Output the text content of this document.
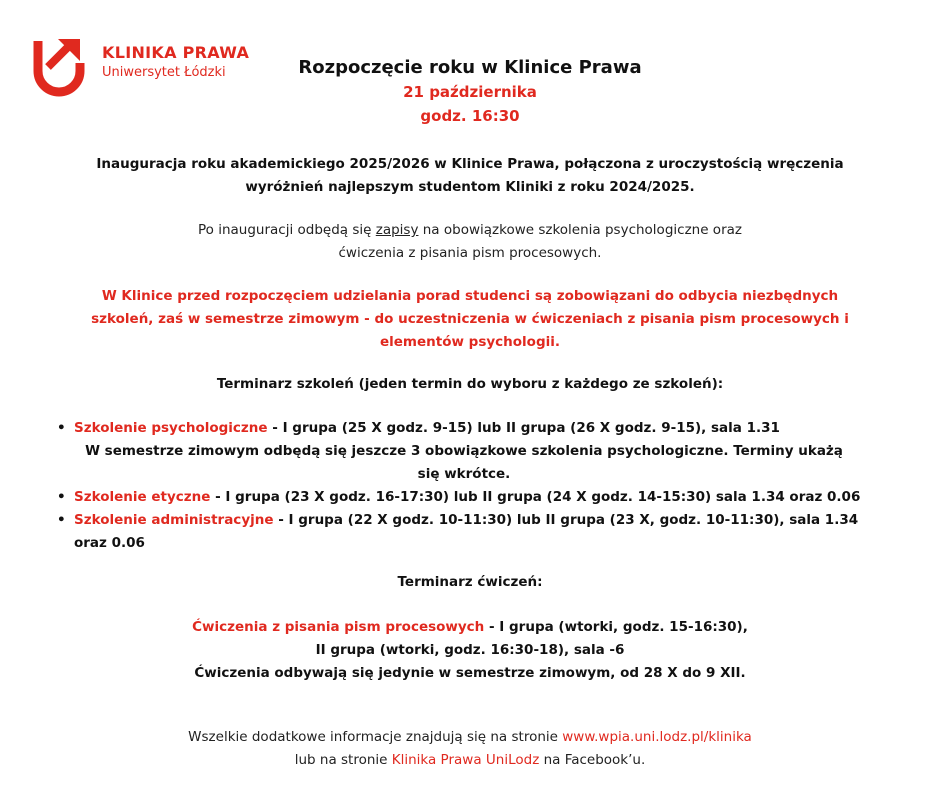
KLINIKA PRAWA
Uniwersytet Łódzki	Rozpoczęcie roku w Klinice Prawa
21 października
godz. 16:30
Inauguracja roku akademickiego 2025/2026 w Klinice Prawa, połączona z uroczystością wręczenia
wyróżnień najlepszym studentom Kliniki z roku 2024/2025.
Po inauguracji odbędą się zapisy na obowiązkowe szkolenia psychologiczne oraz
ćwiczenia z pisania pism procesowych.
W Klinice przed rozpoczęciem udzielania porad studenci są zobowiązani do odbycia niezbędnych
szkoleń, zaś w semestrze zimowym - do uczestniczenia w ćwiczeniach z pisania pism procesowych i
elementów psychologii.
Terminarz szkoleń (jeden termin do wyboru z każdego ze szkoleń):
• Szkolenie psychologiczne - I grupa (25 X godz. 9-15) lub II grupa (26 X godz. 9-15), sala 1.31
W semestrze zimowym odbędą się jeszcze 3 obowiązkowe szkolenia psychologiczne. Terminy ukażą
się wkrótce.
• Szkolenie etyczne - I grupa (23 X godz. 16-17:30) lub II grupa (24 X godz. 14-15:30) sala 1.34 oraz 0.06
• Szkolenie administracyjne - I grupa (22 X godz. 10-11:30) lub II grupa (23 X, godz. 10-11:30), sala 1.34
oraz 0.06
Terminarz ćwiczeń:
Ćwiczenia z pisania pism procesowych - I grupa (wtorki, godz. 15-16:30),
II grupa (wtorki, godz. 16:30-18), sala -6
Ćwiczenia odbywają się jedynie w semestrze zimowym, od 28 X do 9 XII.
Wszelkie dodatkowe informacje znajdują się na stronie www.wpia.uni.lodz.pl/klinika
lub na stronie Klinika Prawa UniLodz na Facebook’u.
